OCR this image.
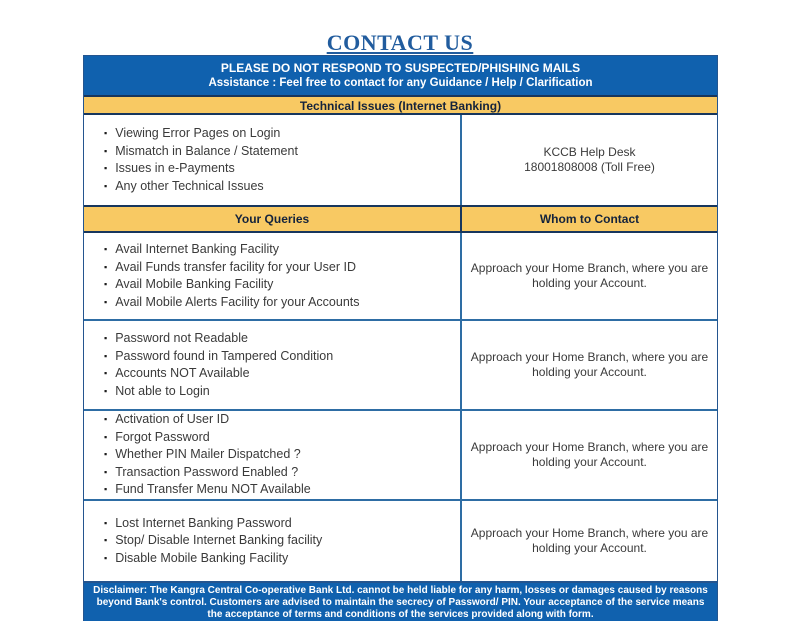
CONTACT US
PLEASE DO NOT RESPOND TO SUSPECTED/PHISHING MAILS
Assistance : Feel free to contact for any Guidance / Help / Clarification
Technical Issues (Internet Banking)
▪ Viewing Error Pages on Login
▪ Mismatch in Balance / Statement
▪ Issues in e-Payments
▪ Any other Technical Issues
KCCB Help Desk
18001808008 (Toll Free)
Your Queries	Whom to Contact
▪ Avail Internet Banking Facility
▪ Avail Funds transfer facility for your User ID
▪ Avail Mobile Banking Facility
▪ Avail Mobile Alerts Facility for your Accounts
Approach your Home Branch, where you are holding your Account.
▪ Password not Readable
▪ Password found in Tampered Condition
▪ Accounts NOT Available
▪ Not able to Login
Approach your Home Branch, where you are holding your Account.
▪ Activation of User ID
▪ Forgot Password
▪ Whether PIN Mailer Dispatched ?
▪ Transaction Password Enabled ?
▪ Fund Transfer Menu NOT Available
Approach your Home Branch, where you are holding your Account.
▪ Lost Internet Banking Password
▪ Stop/ Disable Internet Banking facility
▪ Disable Mobile Banking Facility
Approach your Home Branch, where you are holding your Account.
Disclaimer: The Kangra Central Co-operative Bank Ltd. cannot be held liable for any harm, losses or damages caused by reasons beyond Bank's control. Customers are advised to maintain the secrecy of Password/ PIN. Your acceptance of the service means the acceptance of terms and conditions of the services provided along with form.
